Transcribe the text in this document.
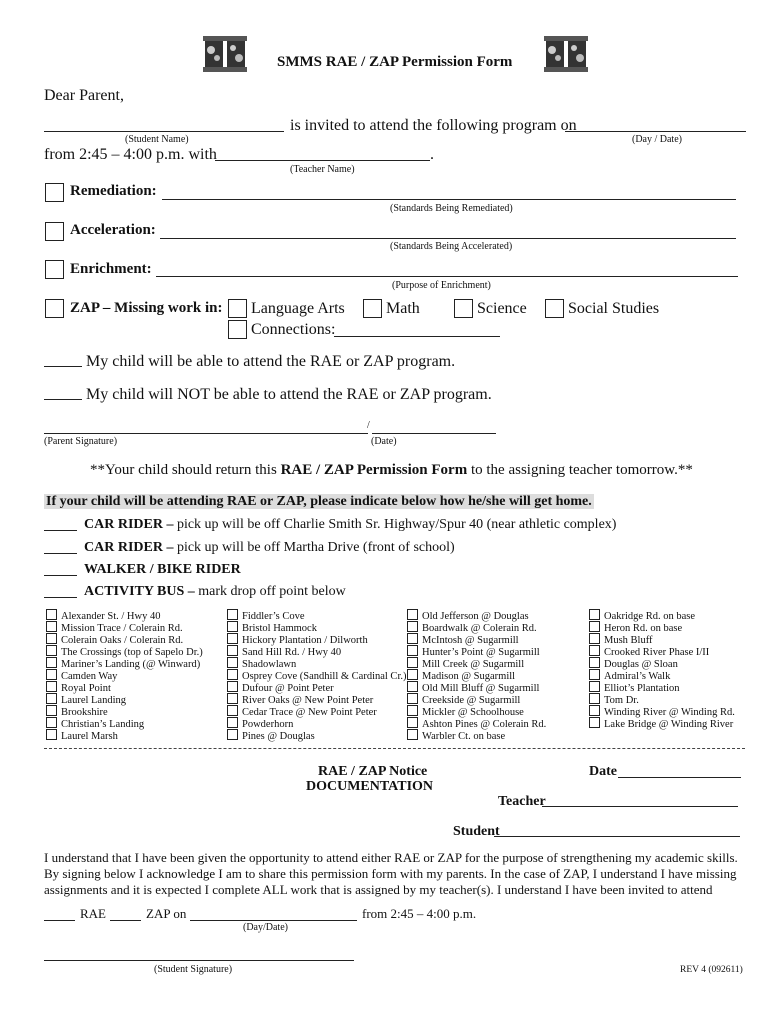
SMMS RAE / ZAP Permission Form
Dear Parent,
is invited to attend the following program on
(Student Name)	(Day / Date)
from 2:45 – 4:00 p.m. with	.
(Teacher Name)
Remediation:
(Standards Being Remediated)
Acceleration:
(Standards Being Accelerated)
Enrichment:
(Purpose of Enrichment)
ZAP – Missing work in: Language Arts	Math	Science	Social Studies
Connections:
My child will be able to attend the RAE or ZAP program.
My child will NOT be able to attend the RAE or ZAP program.
/
(Parent Signature)	(Date)
**Your child should return this RAE / ZAP Permission Form to the assigning teacher tomorrow.**
If your child will be attending RAE or ZAP, please indicate below how he/she will get home.
CAR RIDER – pick up will be off Charlie Smith Sr. Highway/Spur 40 (near athletic complex)
CAR RIDER – pick up will be off Martha Drive (front of school)
WALKER / BIKE RIDER
ACTIVITY BUS – mark drop off point below
Alexander St. / Hwy 40
Mission Trace / Colerain Rd.
Colerain Oaks / Colerain Rd.
The Crossings (top of Sapelo Dr.)
Mariner’s Landing (@ Winward)
Camden Way
Royal Point
Laurel Landing
Brookshire
Christian’s Landing
Laurel Marsh
Fiddler’s Cove
Bristol Hammock
Hickory Plantation / Dilworth
Sand Hill Rd. / Hwy 40
Shadowlawn
Osprey Cove (Sandhill & Cardinal Cr.)
Dufour @ Point Peter
River Oaks @ New Point Peter
Cedar Trace @ New Point Peter
Powderhorn
Pines @ Douglas
Old Jefferson @ Douglas
Boardwalk @ Colerain Rd.
McIntosh @ Sugarmill
Hunter’s Point @ Sugarmill
Mill Creek @ Sugarmill
Madison @ Sugarmill
Old Mill Bluff @ Sugarmill
Creekside @ Sugarmill
Mickler @ Schoolhouse
Ashton Pines @ Colerain Rd.
Warbler Ct. on base
Oakridge Rd. on base
Heron Rd. on base
Mush Bluff
Crooked River Phase I/II
Douglas @ Sloan
Admiral’s Walk
Elliot’s Plantation
Tom Dr.
Winding River @ Winding Rd.
Lake Bridge @ Winding River
RAE / ZAP Notice
DOCUMENTATION
Date
Teacher
Student
I understand that I have been given the opportunity to attend either RAE or ZAP for the purpose of strengthening my academic skills.
By signing below I acknowledge I am to share this permission form with my parents. In the case of ZAP, I understand I have missing
assignments and it is expected I complete ALL work that is assigned by my teacher(s). I understand I have been invited to attend
RAE	ZAP on	from 2:45 – 4:00 p.m.
(Day/Date)
(Student Signature)	REV 4 (092611)
